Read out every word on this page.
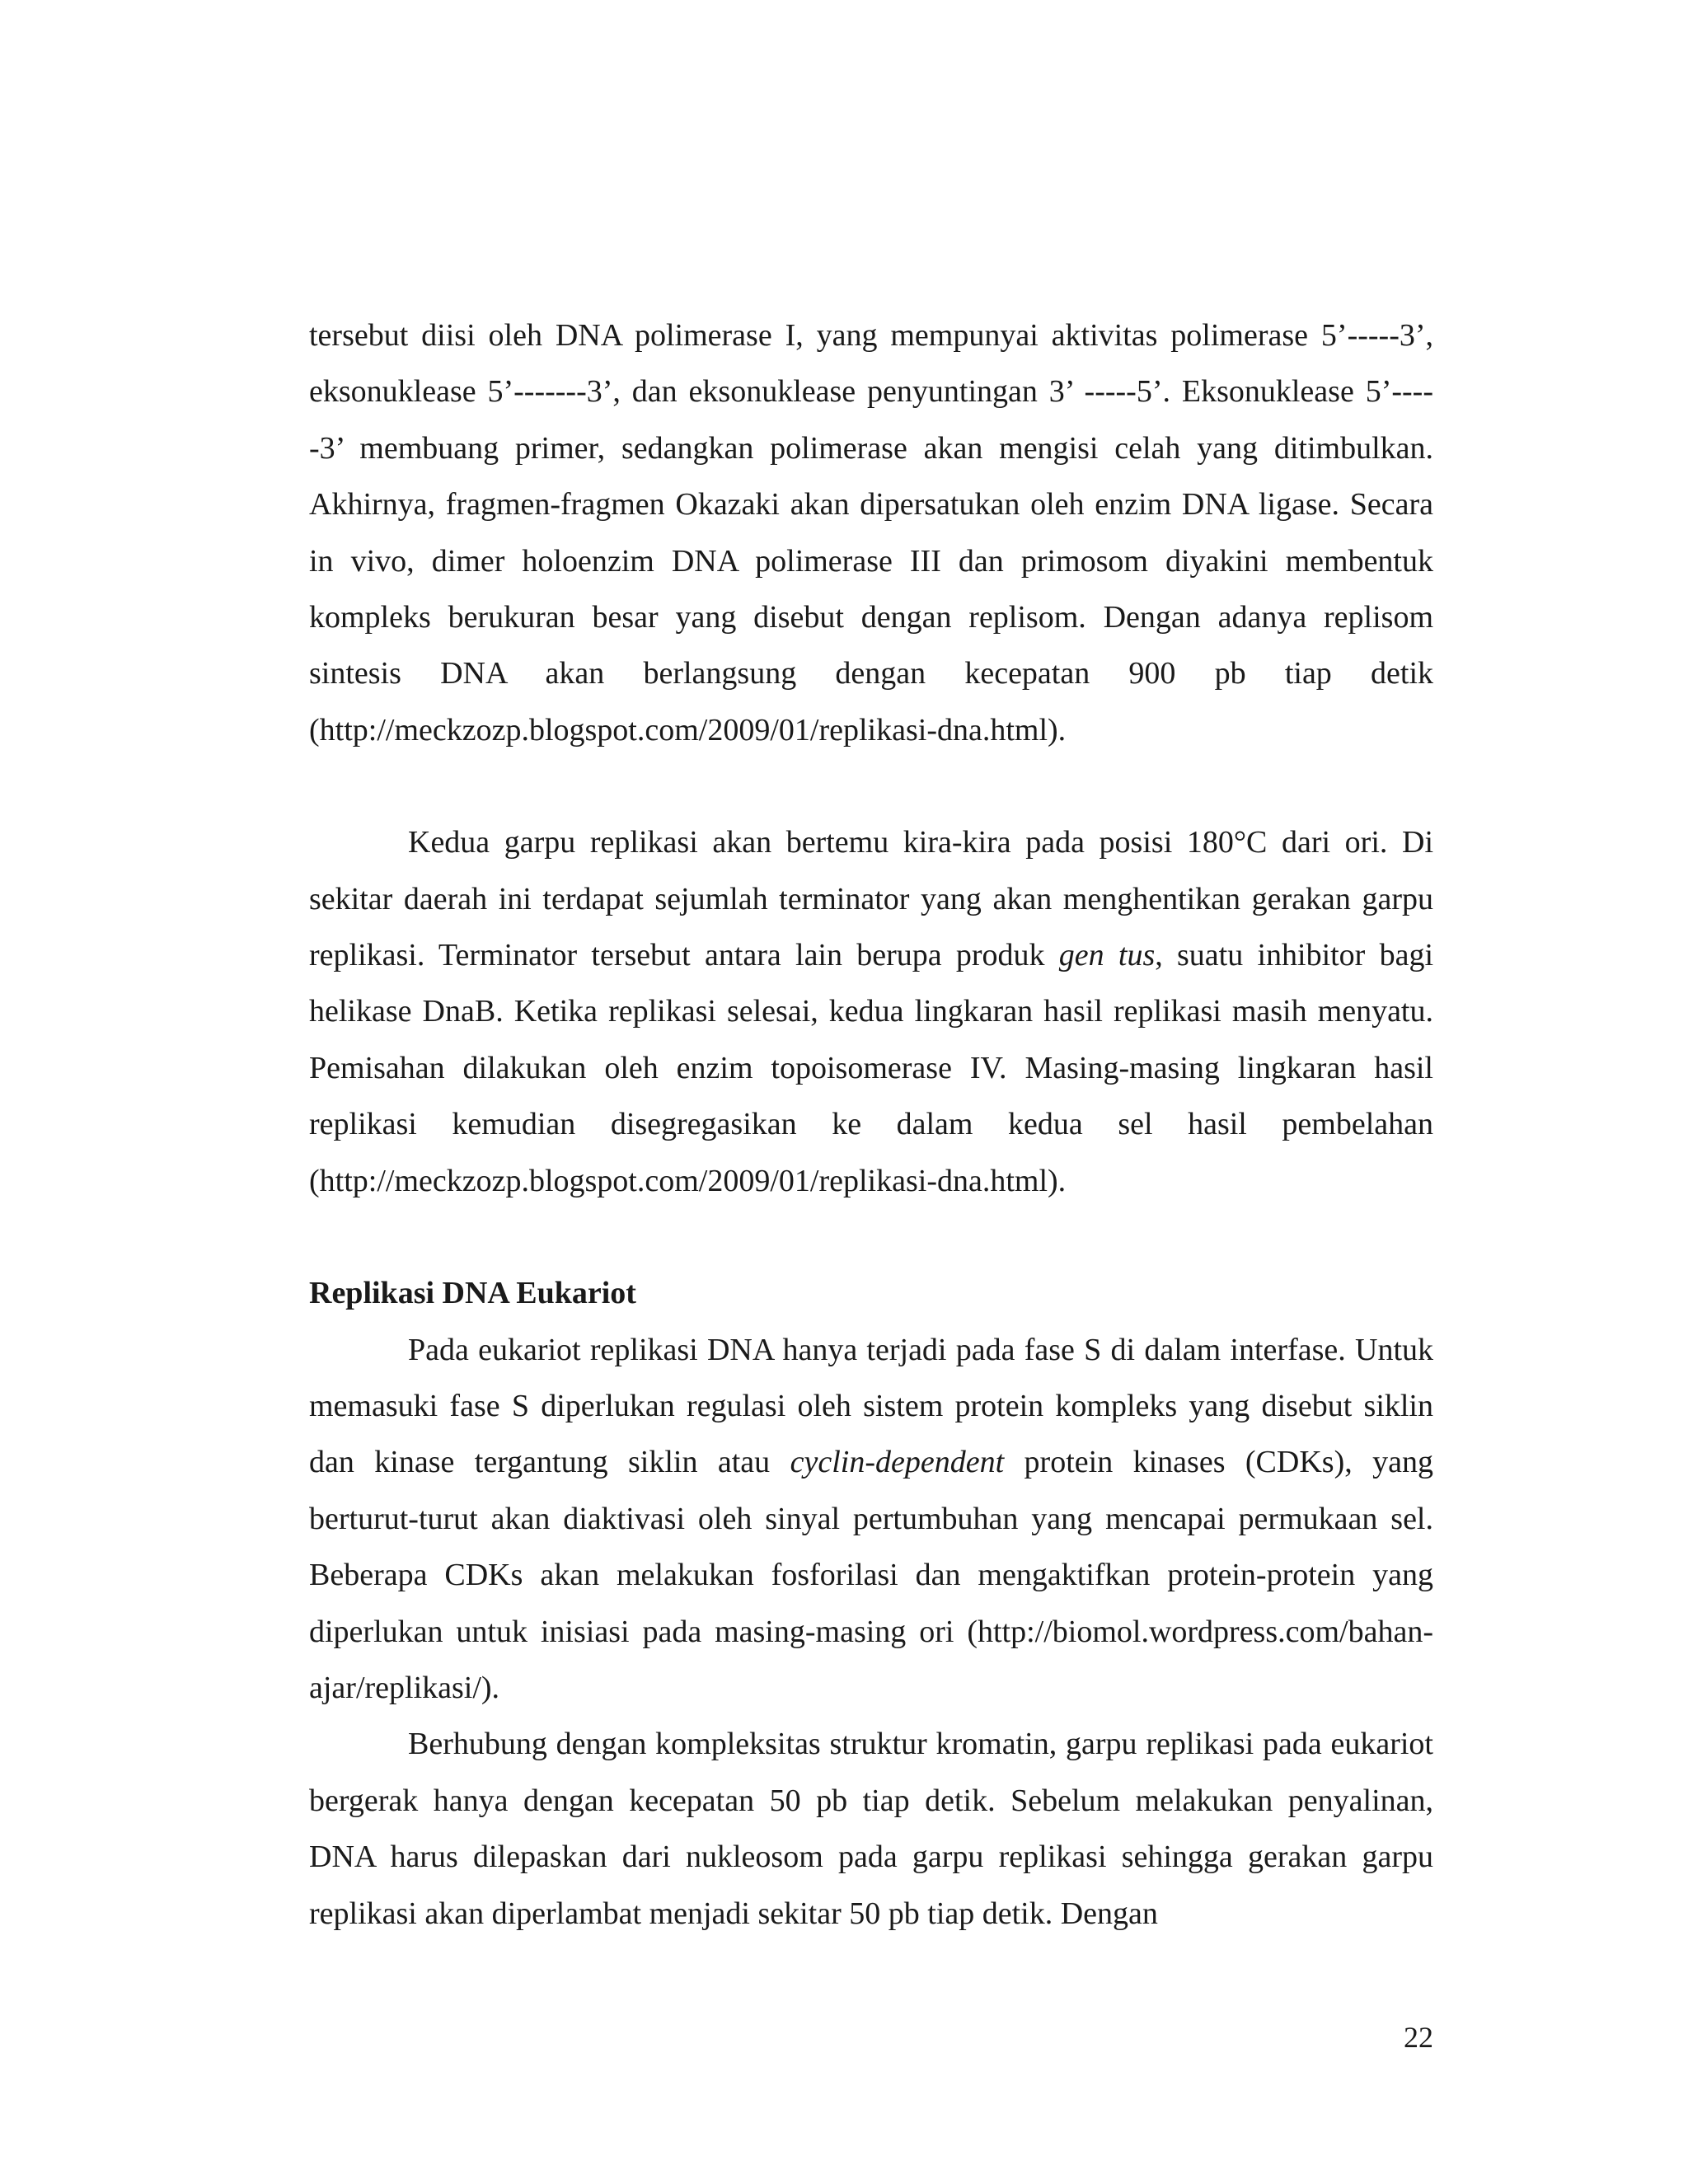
tersebut diisi oleh DNA polimerase I, yang mempunyai aktivitas polimerase 5’-----3’, eksonuklease 5’-------3’, dan eksonuklease penyuntingan 3’ -----5’. Eksonuklease 5’-----3’ membuang primer, sedangkan polimerase akan mengisi celah yang ditimbulkan. Akhirnya, fragmen-fragmen Okazaki akan dipersatukan oleh enzim DNA ligase. Secara in vivo, dimer holoenzim DNA polimerase III dan primosom diyakini membentuk kompleks berukuran besar yang disebut dengan replisom. Dengan adanya replisom sintesis DNA akan berlangsung dengan kecepatan 900 pb tiap detik (http://meckzozp.blogspot.com/2009/01/replikasi-dna.html).

Kedua garpu replikasi akan bertemu kira-kira pada posisi 180°C dari ori. Di sekitar daerah ini terdapat sejumlah terminator yang akan menghentikan gerakan garpu replikasi. Terminator tersebut antara lain berupa produk gen tus, suatu inhibitor bagi helikase DnaB. Ketika replikasi selesai, kedua lingkaran hasil replikasi masih menyatu. Pemisahan dilakukan oleh enzim topoisomerase IV. Masing-masing lingkaran hasil replikasi kemudian disegregasikan ke dalam kedua sel hasil pembelahan (http://meckzozp.blogspot.com/2009/01/replikasi-dna.html).

Replikasi DNA Eukariot

Pada eukariot replikasi DNA hanya terjadi pada fase S di dalam interfase. Untuk memasuki fase S diperlukan regulasi oleh sistem protein kompleks yang disebut siklin dan kinase tergantung siklin atau cyclin-dependent protein kinases (CDKs), yang berturut-turut akan diaktivasi oleh sinyal pertumbuhan yang mencapai permukaan sel. Beberapa CDKs akan melakukan fosforilasi dan mengaktifkan protein-protein yang diperlukan untuk inisiasi pada masing-masing ori (http://biomol.wordpress.com/bahan-ajar/replikasi/).

Berhubung dengan kompleksitas struktur kromatin, garpu replikasi pada eukariot bergerak hanya dengan kecepatan 50 pb tiap detik. Sebelum melakukan penyalinan, DNA harus dilepaskan dari nukleosom pada garpu replikasi sehingga gerakan garpu replikasi akan diperlambat menjadi sekitar 50 pb tiap detik. Dengan

22
